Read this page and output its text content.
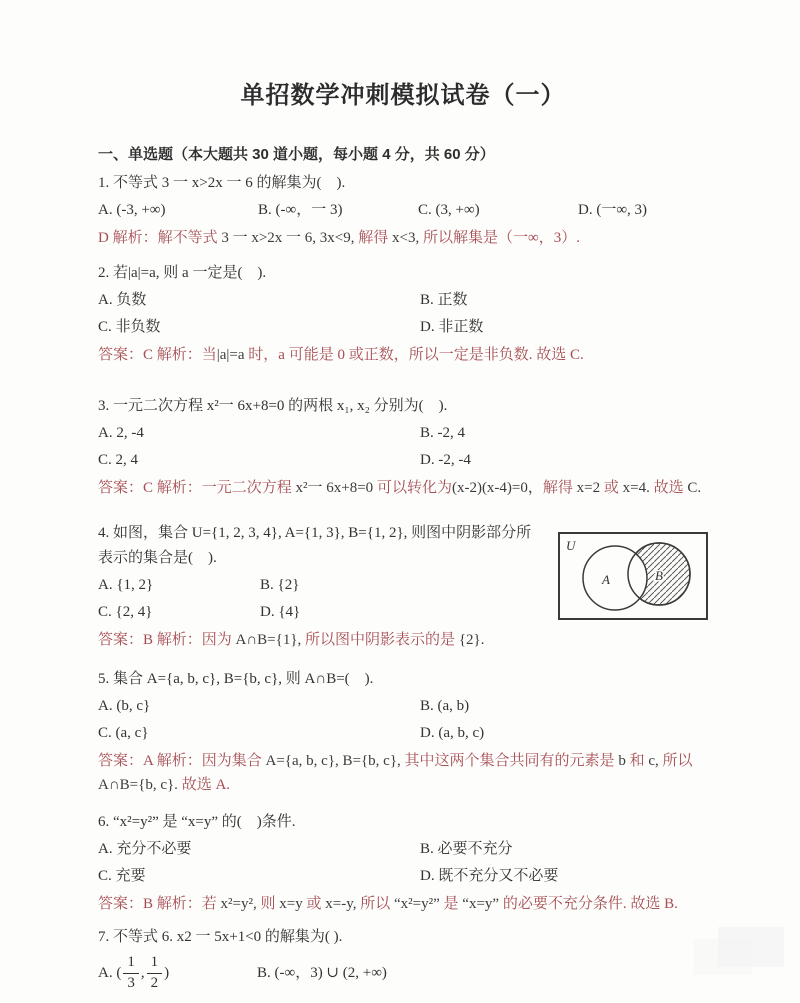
单招数学冲刺模拟试卷（一）
一、单选题（本大题共 30 道小题，每小题 4 分，共 60 分）
1. 不等式 3 一 x>2x 一 6 的解集为(　).
A. (-3, +∞)	B. (-∞，一 3)	C. (3, +∞)	D. (一∞, 3)
D 解析：解不等式 3 一 x>2x 一 6, 3x<9, 解得 x<3, 所以解集是（一∞，3）.
2. 若|a|=a, 则 a 一定是(　).
A. 负数	B. 正数
C. 非负数	D. 非正数
答案：C 解析：当|a|=a 时，a 可能是 0 或正数，所以一定是非负数. 故选 C.
3. 一元二次方程 x²一 6x+8=0 的两根 x₁, x₂ 分别为(　).
A. 2, -4	B. -2, 4
C. 2, 4	D. -2, -4
答案：C 解析：一元二次方程 x²一 6x+8=0 可以转化为(x-2)(x-4)=0，解得 x=2 或 x=4. 故选 C.
U
A	B
4. 如图，集合 U={1, 2, 3, 4}, A={1, 3}, B={1, 2}, 则图中阴影部分所
表示的集合是(　).
A. {1, 2}	B. {2}
C. {2, 4}	D. {4}
答案：B 解析：因为 A∩B={1}, 所以图中阴影表示的是 {2}.
5. 集合 A={a, b, c}, B={b, c}, 则 A∩B=(　).
A. (b, c}	B. (a, b)
C. (a, c}	D. (a, b, c)
答案：A 解析：因为集合 A={a, b, c}, B={b, c}, 其中这两个集合共同有的元素是 b 和 c, 所以 A∩B={b, c}. 故选 A.
6. “x²=y²” 是 “x=y” 的(　)条件.
A. 充分不必要	B. 必要不充分
C. 充要	D. 既不充分又不必要
答案：B 解析：若 x²=y², 则 x=y 或 x=-y, 所以 “x²=y²” 是 “x=y” 的必要不充分条件. 故选 B.
7. 不等式 6. x2 一 5x+1<0 的解集为( ).
A. ( $\frac{1}{3}$ , $\frac{1}{2}$ )	B. (-∞，3) ∪ (2, +∞)
